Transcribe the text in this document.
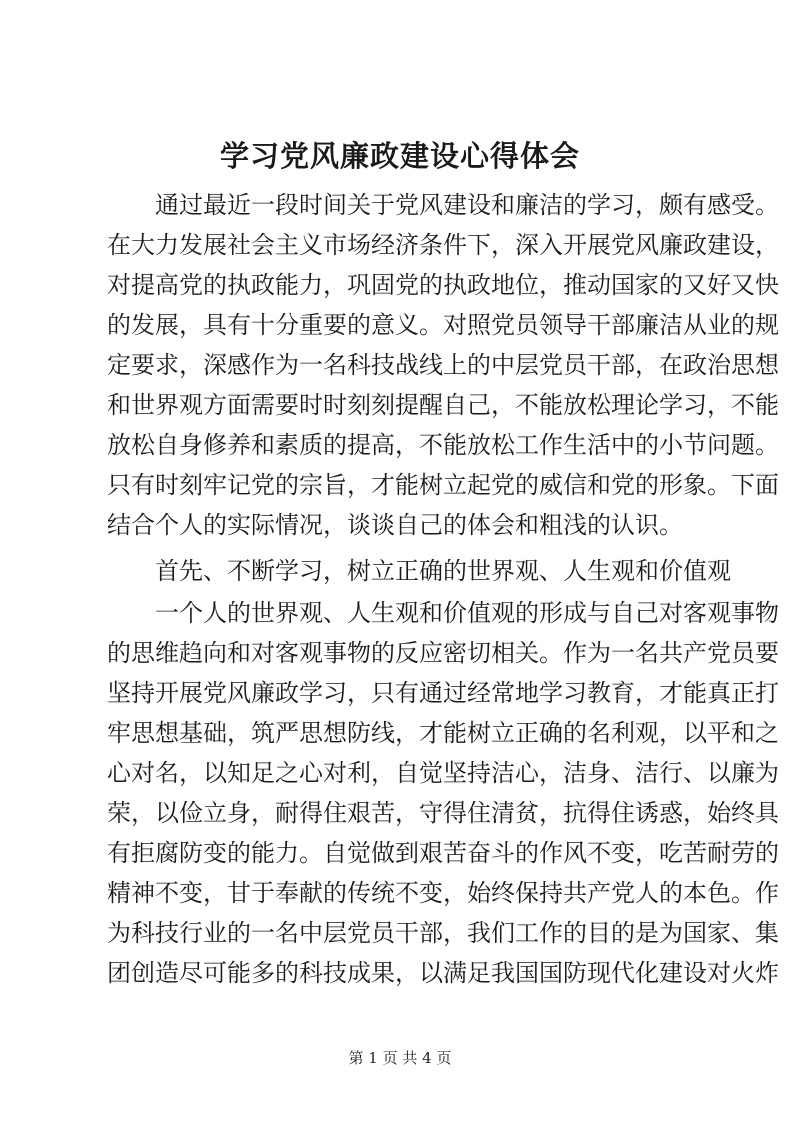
学习党风廉政建设心得体会
通过最近一段时间关于党风建设和廉洁的学习，颇有感受。
在大力发展社会主义市场经济条件下，深入开展党风廉政建设，
对提高党的执政能力，巩固党的执政地位，推动国家的又好又快
的发展，具有十分重要的意义。对照党员领导干部廉洁从业的规
定要求，深感作为一名科技战线上的中层党员干部，在政治思想
和世界观方面需要时时刻刻提醒自己，不能放松理论学习，不能
放松自身修养和素质的提高，不能放松工作生活中的小节问题。
只有时刻牢记党的宗旨，才能树立起党的威信和党的形象。下面
结合个人的实际情况，谈谈自己的体会和粗浅的认识。
首先、不断学习，树立正确的世界观、人生观和价值观
一个人的世界观、人生观和价值观的形成与自己对客观事物
的思维趋向和对客观事物的反应密切相关。作为一名共产党员要
坚持开展党风廉政学习，只有通过经常地学习教育，才能真正打
牢思想基础，筑严思想防线，才能树立正确的名利观，以平和之
心对名，以知足之心对利，自觉坚持洁心，洁身、洁行、以廉为
荣，以俭立身，耐得住艰苦，守得住清贫，抗得住诱惑，始终具
有拒腐防变的能力。自觉做到艰苦奋斗的作风不变，吃苦耐劳的
精神不变，甘于奉献的传统不变，始终保持共产党人的本色。作
为科技行业的一名中层党员干部，我们工作的目的是为国家、集
团创造尽可能多的科技成果，以满足我国国防现代化建设对火炸
第 1 页 共 4 页
